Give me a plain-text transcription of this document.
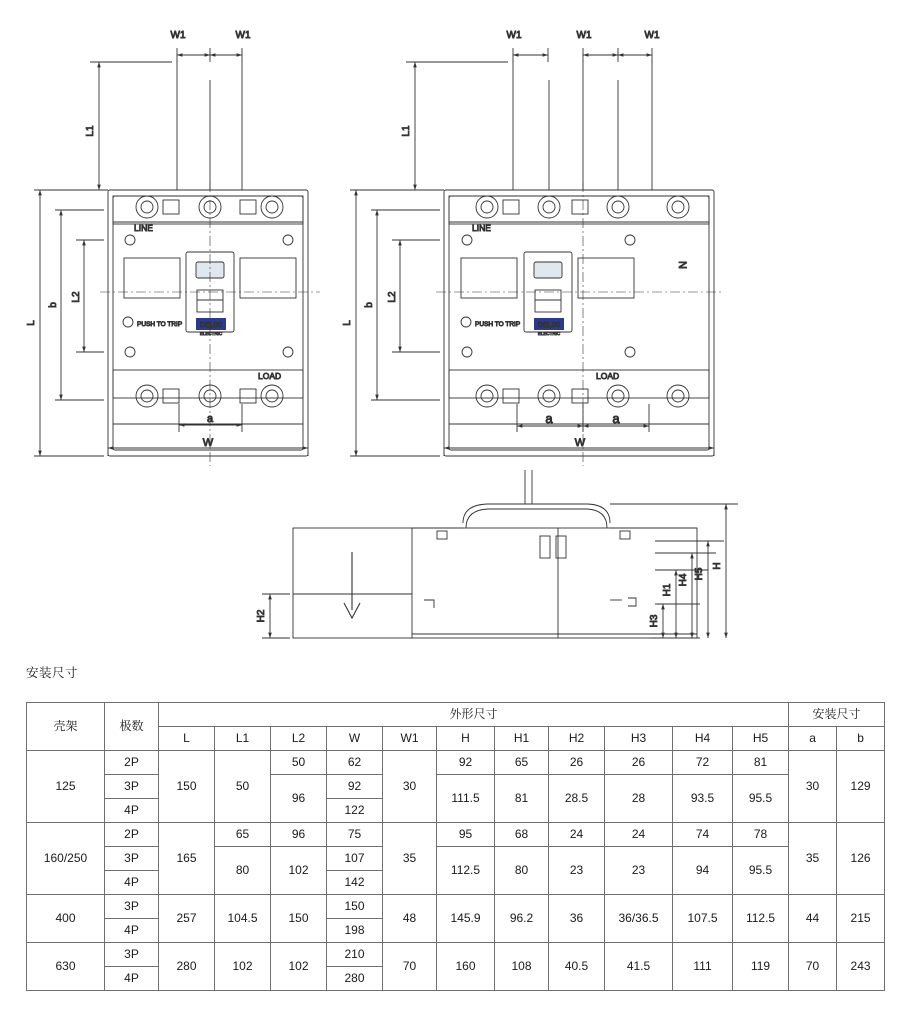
W1	W1
L1
PUSH TO TRIP	DELIXI
ELECTRIC
LINE
LOAD
L
b
L2
a
W
W1	W1	W1
L1
PUSH TO TRIP	DELIXI
ELECTRIC
LINE
LOAD
N
L
b
L2
a	a
W
H2	H3
H1
H4 H5
H
安装尺寸
壳架	极数	外形尺寸											安装尺寸	
		L	L1	L2	W	W1	H	H1	H2	H3	H4	H5	a	b
125	2P	150	50	50	62	30	92	65	26	26	72	81	30	129
	3P			96	92		111.5	81	28.5	28	93.5	95.5		
	4P				122									
160/250	2P	165	65	96	75	35	95	68	24	24	74	78	35	126
	3P		80	102	107		112.5	80	23	23	94	95.5		
	4P				142									
400	3P	257	104.5	150	150	48	145.9	96.2	36	36/36.5	107.5	112.5	44	215
	4P				198									
630	3P	280	102	102	210	70	160	108	40.5	41.5	111	119	70	243
	4P				280									
